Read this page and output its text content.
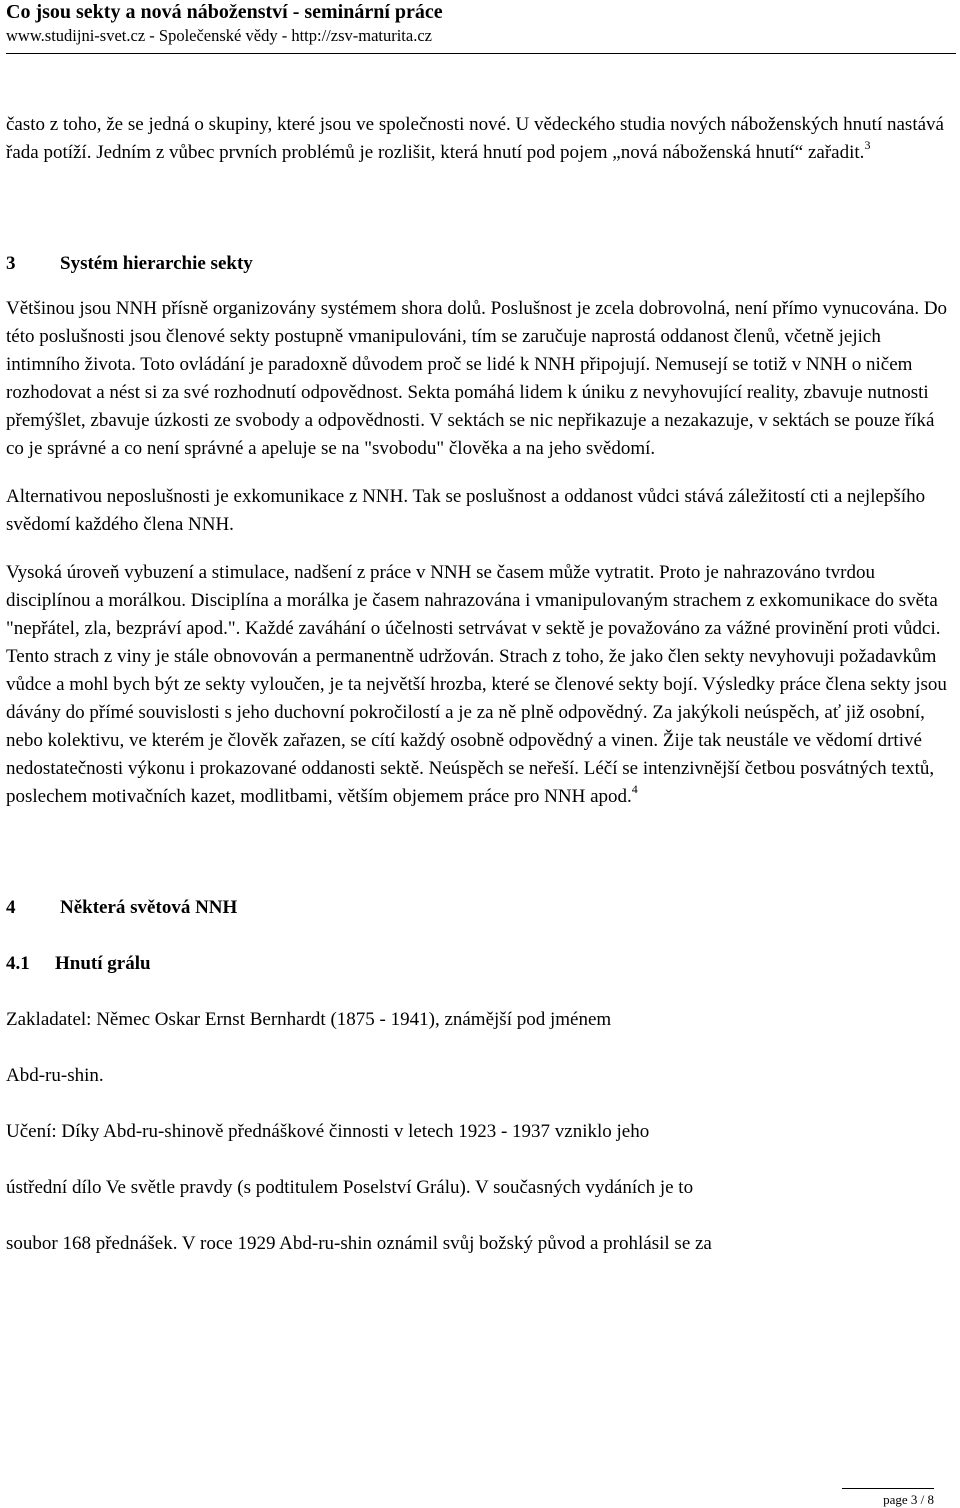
Co jsou sekty a nová náboženství - seminární práce
www.studijni-svet.cz - Společenské vědy - http://zsv-maturita.cz

často z toho, že se jedná o skupiny, které jsou ve společnosti nové. U vědeckého studia nových náboženských hnutí nastává řada potíží. Jedním z vůbec prvních problémů je rozlišit, která hnutí pod pojem „nová náboženská hnutí“ zařadit.$^3$

3 Systém hierarchie sekty

Většinou jsou NNH přísně organizovány systémem shora dolů. Poslušnost je zcela dobrovolná, není přímo vynucována. Do této poslušnosti jsou členové sekty postupně vmanipulováni, tím se zaručuje naprostá oddanost členů, včetně jejich intimního života. Toto ovládání je paradoxně důvodem proč se lidé k NNH připojují. Nemusejí se totiž v NNH o ničem rozhodovat a nést si za své rozhodnutí odpovědnost. Sekta pomáhá lidem k úniku z nevyhovující reality, zbavuje nutnosti přemýšlet, zbavuje úzkosti ze svobody a odpovědnosti. V sektách se nic nepřikazuje a nezakazuje, v sektách se pouze říká co je správné a co není správné a apeluje se na "svobodu" člověka a na jeho svědomí.

Alternativou neposlušnosti je exkomunikace z NNH. Tak se poslušnost a oddanost vůdci stává záležitostí cti a nejlepšího svědomí každého člena NNH.

Vysoká úroveň vybuzení a stimulace, nadšení z práce v NNH se časem může vytratit. Proto je nahrazováno tvrdou disciplínou a morálkou. Disciplína a morálka je časem nahrazována i vmanipulovaným strachem z exkomunikace do světa "nepřátel, zla, bezpráví apod.". Každé zaváhání o účelnosti setrvávat v sektě je považováno za vážné provinění proti vůdci. Tento strach z viny je stále obnovován a permanentně udržován. Strach z toho, že jako člen sekty nevyhovuji požadavkům vůdce a mohl bych být ze sekty vyloučen, je ta největší hrozba, které se členové sekty bojí. Výsledky práce člena sekty jsou dávány do přímé souvislosti s jeho duchovní pokročilostí a je za ně plně odpovědný. Za jakýkoli neúspěch, ať již osobní, nebo kolektivu, ve kterém je člověk zařazen, se cítí každý osobně odpovědný a vinen. Žije tak neustále ve vědomí drtivé nedostatečnosti výkonu i prokazované oddanosti sektě. Neúspěch se neřeší. Léčí se intenzivnější četbou posvátných textů, poslechem motivačních kazet, modlitbami, větším objemem práce pro NNH apod.$^4$

4 Některá světová NNH
4.1 Hnutí grálu

Zakladatel: Němec Oskar Ernst Bernhardt (1875 - 1941), známější pod jménem

Abd-ru-shin.

Učení: Díky Abd-ru-shinově přednáškové činnosti v letech 1923 - 1937 vzniklo jeho

ústřední dílo Ve světle pravdy (s podtitulem Poselství Grálu). V současných vydáních je to

soubor 168 přednášek. V roce 1929 Abd-ru-shin oznámil svůj božský původ a prohlásil se za

page 3 / 8
